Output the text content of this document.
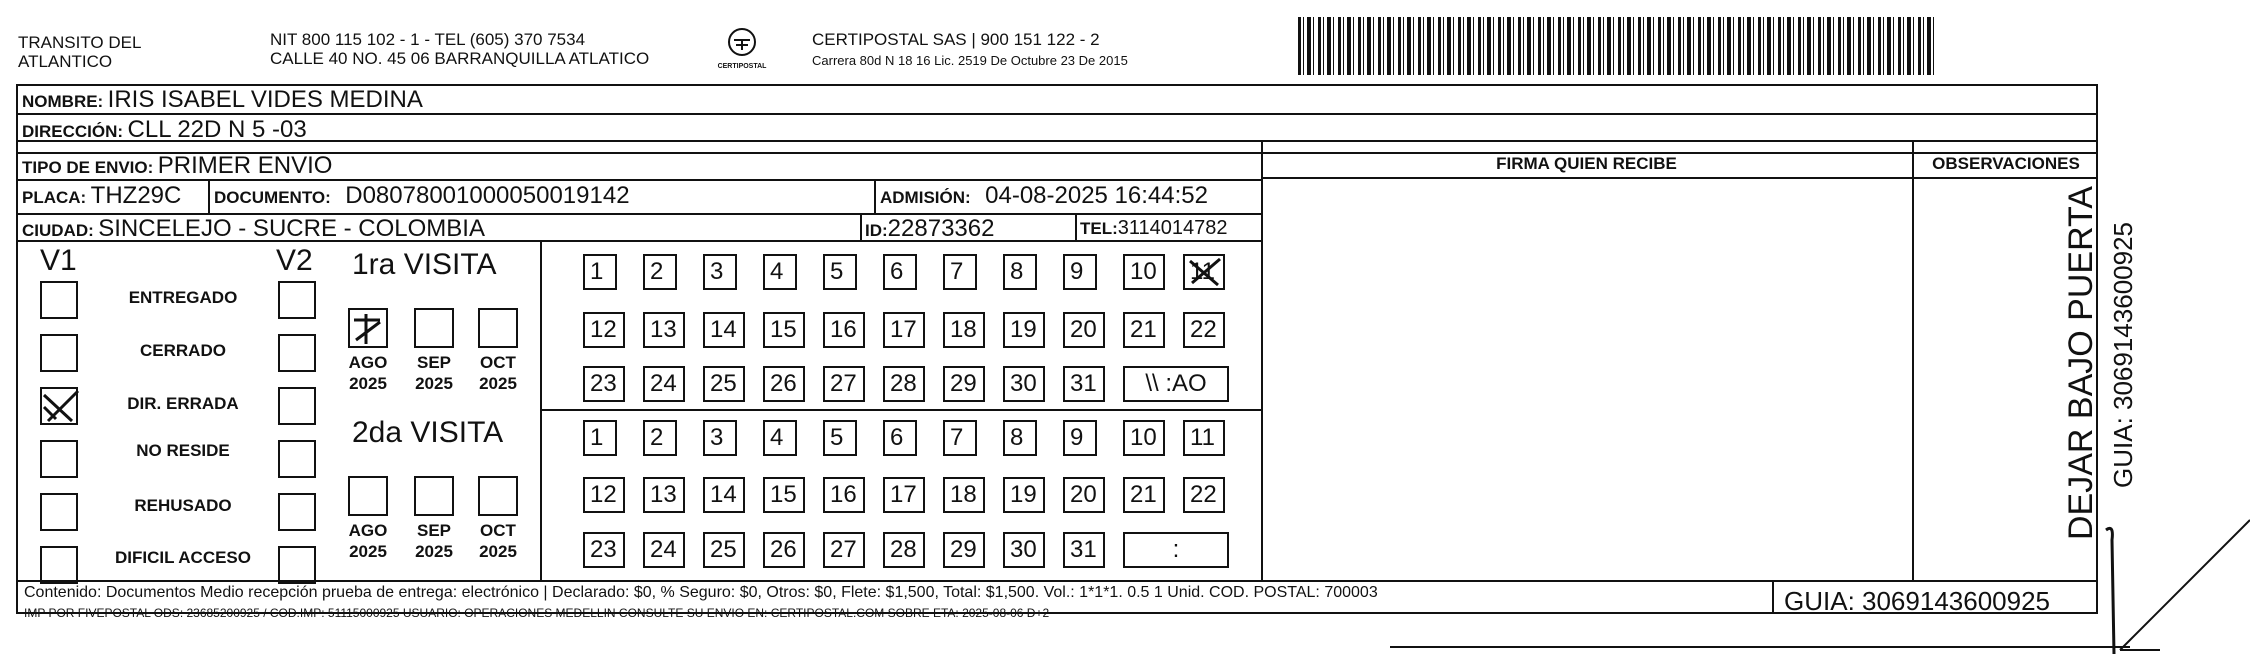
TRANSITO DEL
ATLANTICO
NIT 800 115 102 - 1 - TEL (605) 370 7534
CALLE 40 NO. 45 06 BARRANQUILLA ATLATICO	CERTIPOSTAL
CERTIPOSTAL SAS | 900 151 122 - 2
Carrera 80d N 18 16 Lic. 2519 De Octubre 23 De 2015
NOMBRE: IRIS ISABEL VIDES MEDINA
DIRECCIÓN: CLL 22D N 5 -03
TIPO DE ENVIO: PRIMER ENVIO	FIRMA QUIEN RECIBE	OBSERVACIONES
PLACA: THZ29C DOCUMENTO: D08078001000050019142	ADMISIÓN: 04-08-2025 16:44:52
CIUDAD: SINCELEJO - SUCRE - COLOMBIA	ID:22873362	TEL:3114014782
V1	V2
ENTREGADO
CERRADO
DIR. ERRADA
NO RESIDE
REHUSADO
DIFICIL ACCESO
1ra VISITA
AGO
2025
SEP
2025
OCT
2025
2da VISITA
AGO
2025
SEP
2025
OCT
2025
1	2	3	4	5	6	7	8	9	10	11
12	13	14	15	16	17	18	19	20	21	22
23	24	25	26	27	28	29	30	31	\\ :AO
1	2	3	4	5	6	7	8	9	10	11
12	13	14	15	16	17	18	19	20	21	22
23	24	25	26	27	28	29	30	31	:
Contenido: Documentos Medio recepción prueba de entrega: electrónico | Declarado: $0, % Seguro: $0, Otros: $0, Flete: $1,500, Total: $1,500. Vol.: 1*1*1. 0.5 1 Unid. COD. POSTAL: 700003
IMP POR FIVEPOSTAL ODS: 23685200925 / COD.IMP: 51115000925 USUARIO: OPERACIONES MEDELLIN CONSULTE SU ENVIO EN: CERTIPOSTAL.COM SOBRE ETA: 2025-08-06 D+2	GUIA: 3069143600925
DEJAR BAJO PUERTA GUIA: 3069143600925
